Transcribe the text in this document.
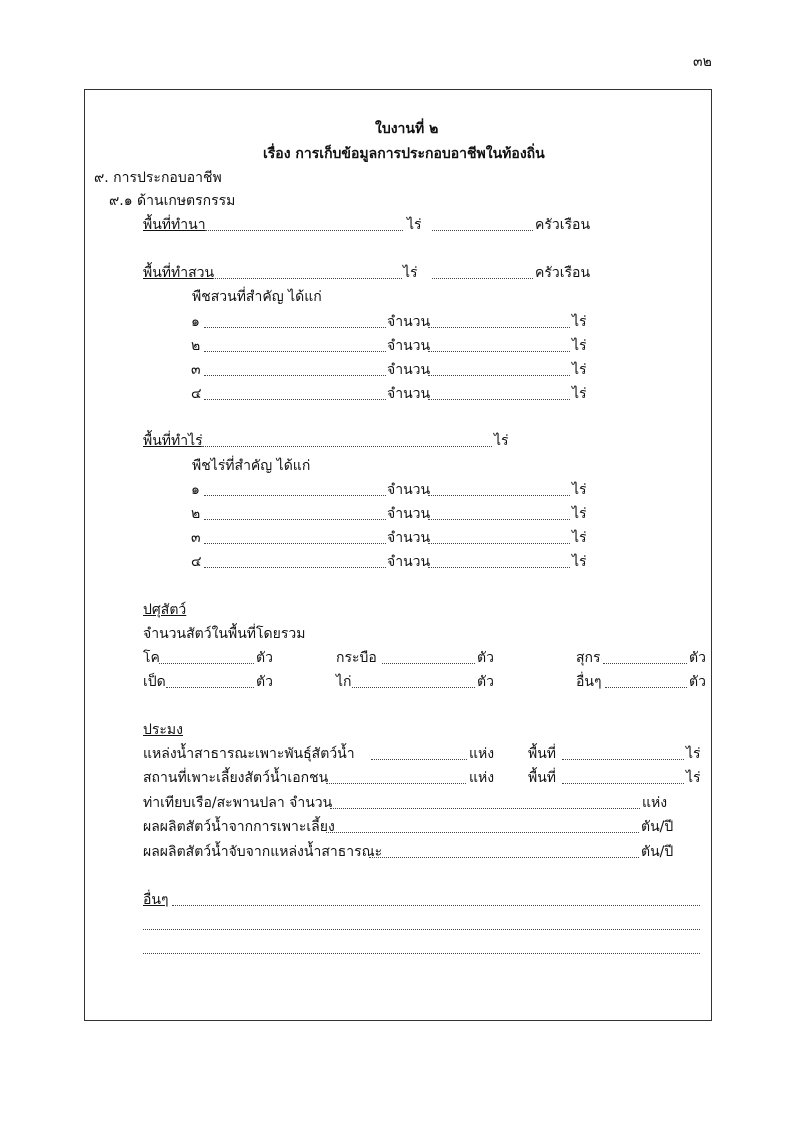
๓๒
ใบงานที่ ๒
เรื่อง การเก็บข้อมูลการประกอบอาชีพในท้องถิ่น
๙. การประกอบอาชีพ
๙.๑ ด้านเกษตรกรรม
พื้นที่ทำนา	ไร่	ครัวเรือน
พื้นที่ทำสวน	ไร่	ครัวเรือน
พืชสวนที่สำคัญ ได้แก่
๑	จำนวน	ไร่
๒	จำนวน	ไร่
๓	จำนวน	ไร่
๔	จำนวน	ไร่
พื้นที่ทำไร่	ไร่
พืชไร่ที่สำคัญ ได้แก่
๑	จำนวน	ไร่
๒	จำนวน	ไร่
๓	จำนวน	ไร่
๔	จำนวน	ไร่
ปศุสัตว์
จำนวนสัตว์ในพื้นที่โดยรวม
โค	ตัว	กระบือ	ตัว	สุกร	ตัว
เป็ด	ตัว	ไก่	ตัว	อื่นๆ	ตัว
ประมง
แหล่งน้ำสาธารณะเพาะพันธุ์สัตว์น้ำ	แห่ง พื้นที่	ไร่
สถานที่เพาะเลี้ยงสัตว์น้ำเอกชน	แห่ง พื้นที่	ไร่
ท่าเทียบเรือ/สะพานปลา จำนวน	แห่ง
ผลผลิตสัตว์น้ำจากการเพาะเลี้ยง	ตัน/ปี
ผลผลิตสัตว์น้ำจับจากแหล่งน้ำสาธารณะ	ตัน/ปี
อื่นๆ
